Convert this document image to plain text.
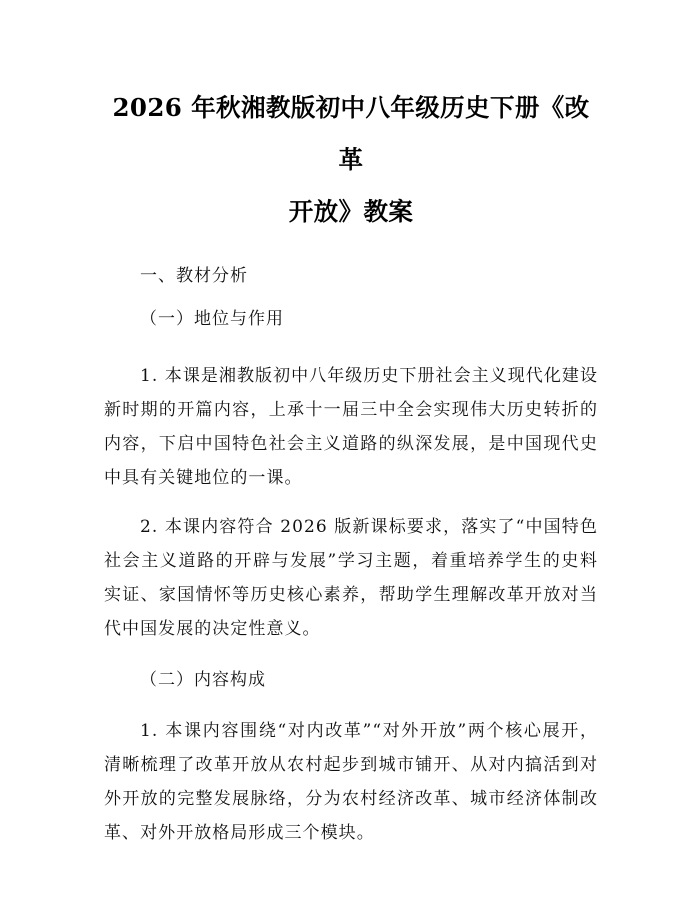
2026 年秋湘教版初中八年级历史下册《改革
开放》教案

一、教材分析

（一）地位与作用

1. 本课是湘教版初中八年级历史下册社会主义现代化建设新时期的开篇内容，上承十一届三中全会实现伟大历史转折的内容，下启中国特色社会主义道路的纵深发展，是中国现代史中具有关键地位的一课。

2. 本课内容符合 2026 版新课标要求，落实了“中国特色社会主义道路的开辟与发展”学习主题，着重培养学生的史料实证、家国情怀等历史核心素养，帮助学生理解改革开放对当代中国发展的决定性意义。

（二）内容构成

1. 本课内容围绕“对内改革”“对外开放”两个核心展开，清晰梳理了改革开放从农村起步到城市铺开、从对内搞活到对外开放的完整发展脉络，分为农村经济改革、城市经济体制改革、对外开放格局形成三个模块。
